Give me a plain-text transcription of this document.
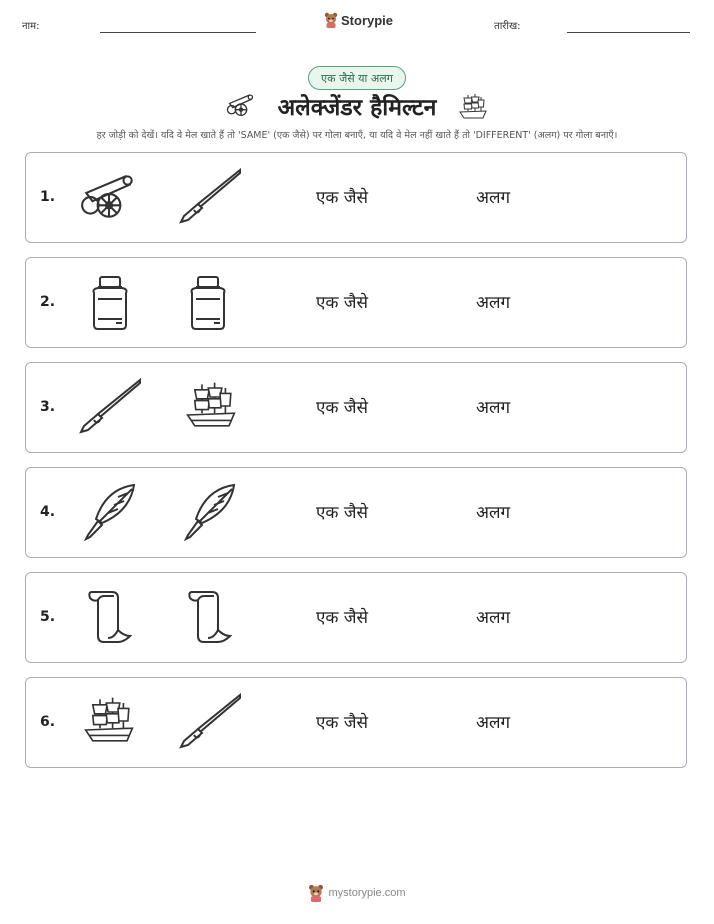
नाम:	Storypie	तारीख:
एक जैसे या अलग
अलेक्जेंडर हैमिल्टन
हर जोड़ी को देखें। यदि वे मेल खाते हैं तो 'SAME' (एक जैसे) पर गोला बनाएँ, या यदि वे मेल नहीं खाते हैं तो 'DIFFERENT' (अलग) पर गोला बनाएँ।
1.	एक जैसे	अलग
2.	एक जैसे	अलग
3.	एक जैसे	अलग
4.	एक जैसे	अलग
5.	एक जैसे	अलग
6.	एक जैसे	अलग
mystorypie.com
